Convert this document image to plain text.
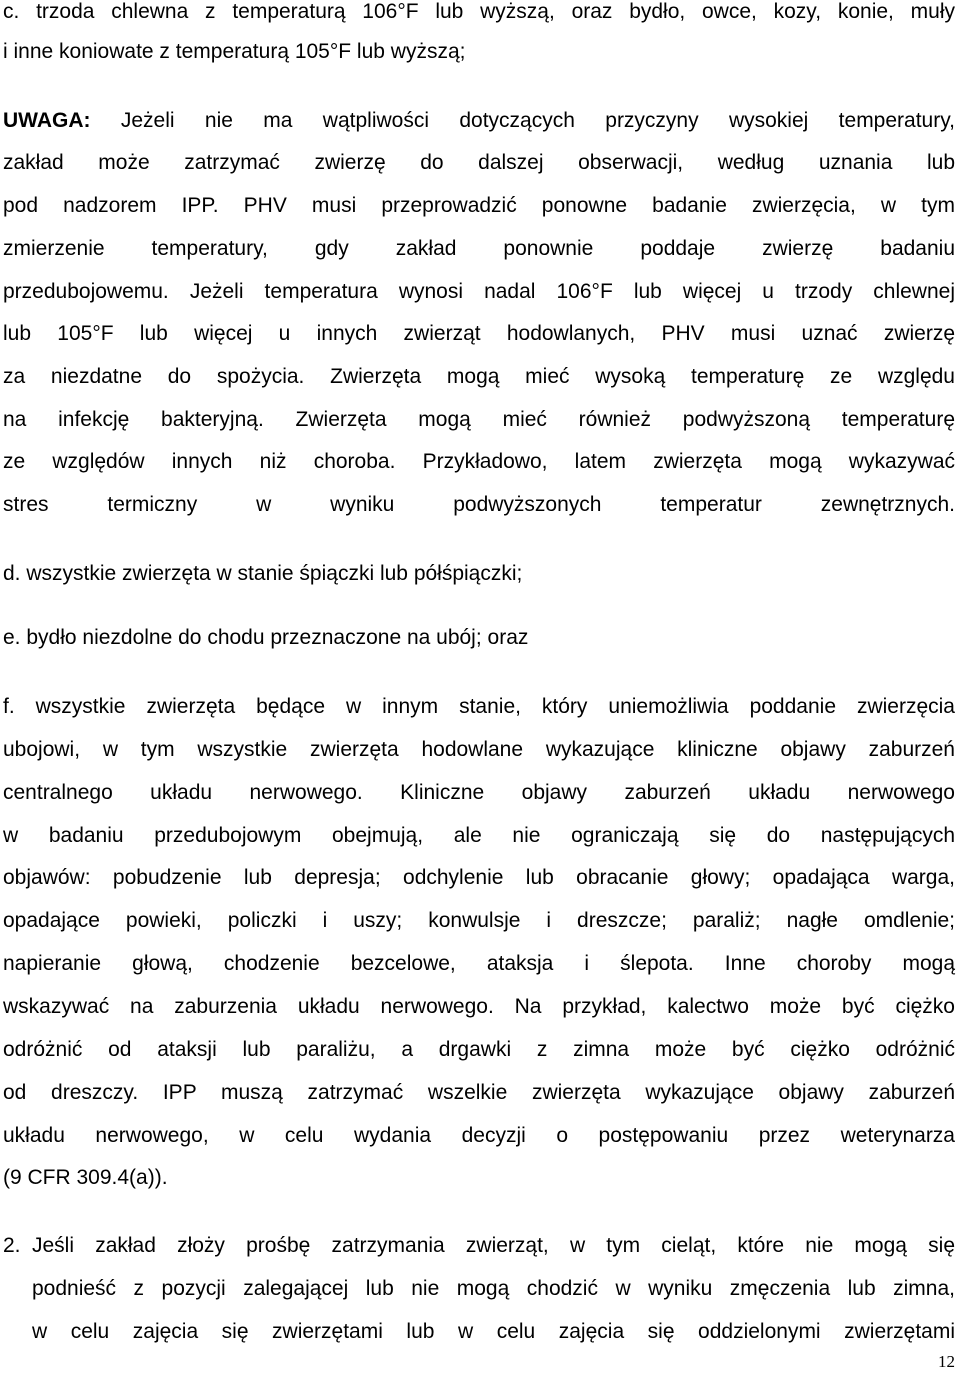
c. trzoda chlewna z temperaturą 106°F lub wyższą, oraz bydło, owce, kozy, konie, muły
i inne koniowate z temperaturą 105°F lub wyższą;
UWAGA: Jeżeli nie ma wątpliwości dotyczących przyczyny wysokiej temperatury,
zakład może zatrzymać zwierzę do dalszej obserwacji, według uznania lub
pod nadzorem IPP. PHV musi przeprowadzić ponowne badanie zwierzęcia, w tym
zmierzenie temperatury, gdy zakład ponownie poddaje zwierzę badaniu
przedubojowemu. Jeżeli temperatura wynosi nadal 106°F lub więcej u trzody chlewnej
lub 105°F lub więcej u innych zwierząt hodowlanych, PHV musi uznać zwierzę
za niezdatne do spożycia. Zwierzęta mogą mieć wysoką temperaturę ze względu
na infekcję bakteryjną. Zwierzęta mogą mieć również podwyższoną temperaturę
ze względów innych niż choroba. Przykładowo, latem zwierzęta mogą wykazywać
stres termiczny w wyniku podwyższonych temperatur zewnętrznych.
d. wszystkie zwierzęta w stanie śpiączki lub półśpiączki;
e. bydło niezdolne do chodu przeznaczone na ubój; oraz
f. wszystkie zwierzęta będące w innym stanie, który uniemożliwia poddanie zwierzęcia
ubojowi, w tym wszystkie zwierzęta hodowlane wykazujące kliniczne objawy zaburzeń
centralnego układu nerwowego. Kliniczne objawy zaburzeń układu nerwowego
w badaniu przedubojowym obejmują, ale nie ograniczają się do następujących
objawów: pobudzenie lub depresja; odchylenie lub obracanie głowy; opadająca warga,
opadające powieki, policzki i uszy; konwulsje i dreszcze; paraliż; nagłe omdlenie;
napieranie głową, chodzenie bezcelowe, ataksja i ślepota. Inne choroby mogą
wskazywać na zaburzenia układu nerwowego. Na przykład, kalectwo może być ciężko
odróżnić od ataksji lub paraliżu, a drgawki z zimna może być ciężko odróżnić
od dreszczy. IPP muszą zatrzymać wszelkie zwierzęta wykazujące objawy zaburzeń
układu nerwowego, w celu wydania decyzji o postępowaniu przez weterynarza
(9 CFR 309.4(a)).
2. Jeśli zakład złoży prośbę zatrzymania zwierząt, w tym cieląt, które nie mogą się
podnieść z pozycji zalegającej lub nie mogą chodzić w wyniku zmęczenia lub zimna,
w celu zajęcia się zwierzętami lub w celu zajęcia się oddzielonymi zwierzętami
12
